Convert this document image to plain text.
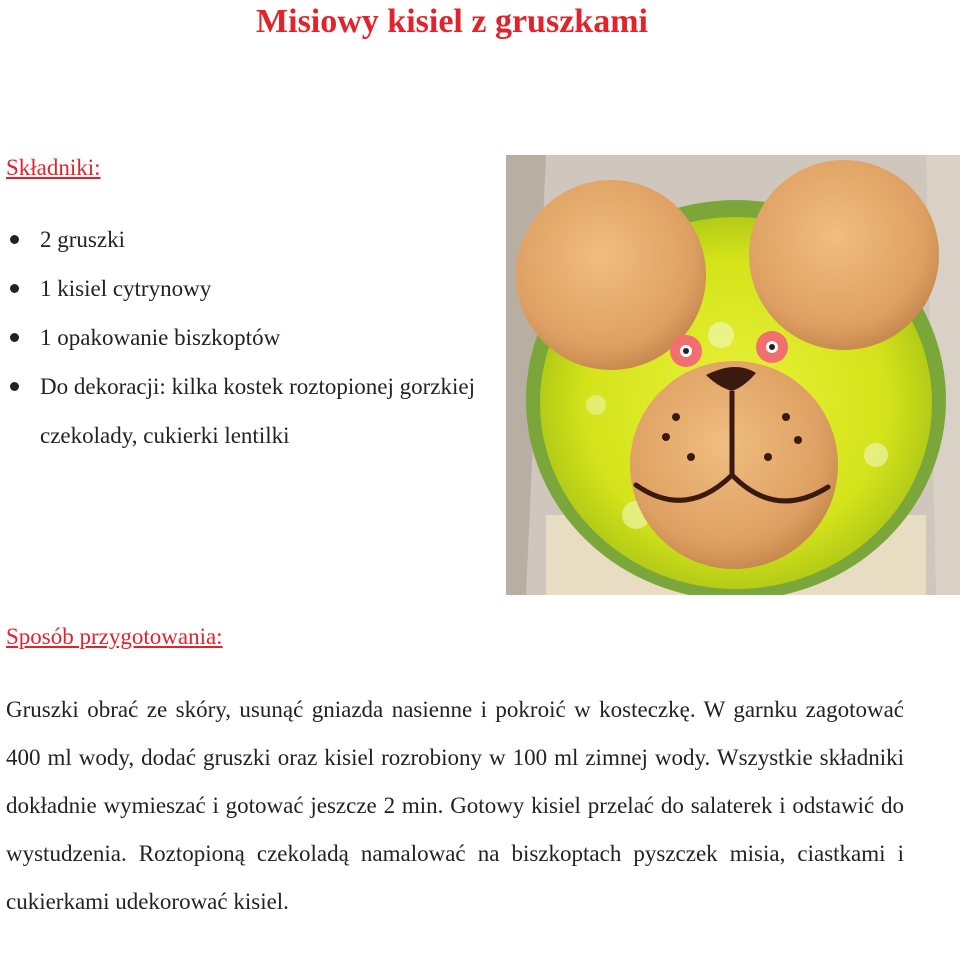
Misiowy kisiel z gruszkami
Składniki:
2 gruszki
1 kisiel cytrynowy
1 opakowanie biszkoptów
Do dekoracji: kilka kostek roztopionej gorzkiej czekolady, cukierki lentilki
Sposób przygotowania:

Gruszki obrać ze skóry, usunąć gniazda nasienne i pokroić w kosteczkę. W garnku zagotować 400 ml wody, dodać gruszki oraz kisiel rozrobiony w 100 ml zimnej wody. Wszystkie składniki dokładnie wymieszać i gotować jeszcze 2 min. Gotowy kisiel przelać do salaterek i odstawić do wystudzenia. Roztopioną czekoladą namalować na biszkoptach pyszczek misia, ciastkami i cukierkami udekorować kisiel.
